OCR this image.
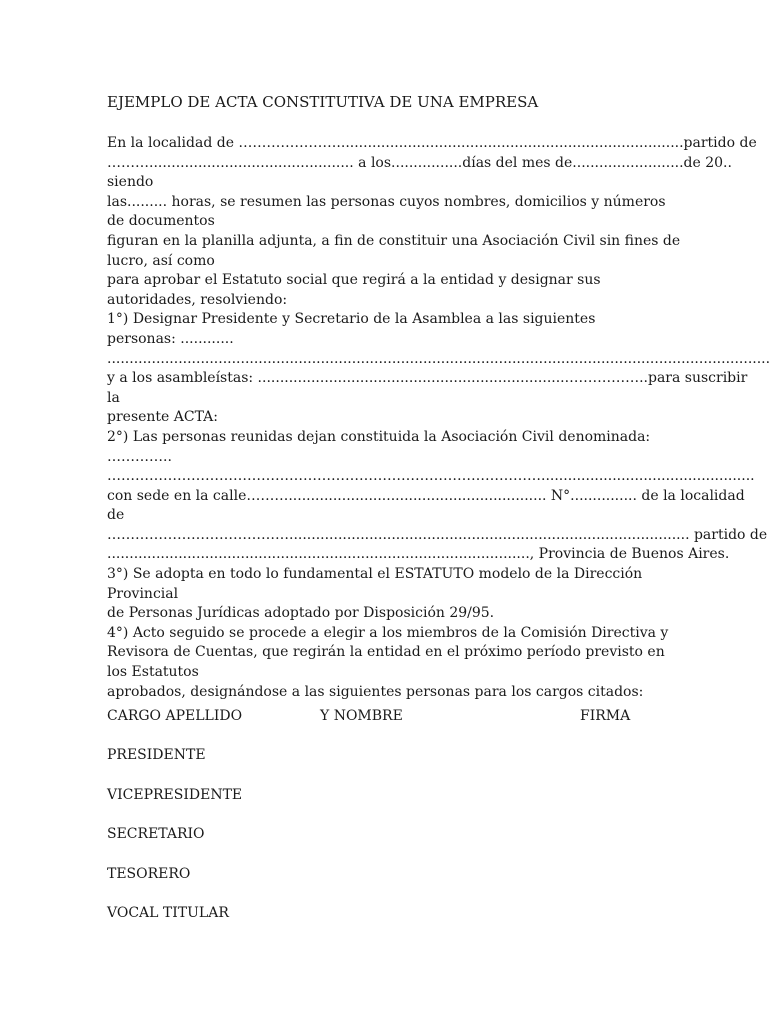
EJEMPLO DE ACTA CONSTITUTIVA DE UNA EMPRESA
En la localidad de …………………..............................................................................partido de
……….............................................. a los................días del mes de.........................de 20..
siendo
las......... horas, se resumen las personas cuyos nombres, domicilios y números
de documentos
figuran en la planilla adjunta, a fin de constituir una Asociación Civil sin fines de
lucro, así como
para aprobar el Estatuto social que regirá a la entidad y designar sus
autoridades, resolviendo:
1°) Designar Presidente y Secretario de la Asamblea a las siguientes
personas: ............
.....................................................................................................................................................
y a los asambleístas: ......................................................................……………..para suscribir
la
presente ACTA:
2°) Las personas reunidas dejan constituida la Asociación Civil denominada:
…………..
…………………………………………………………………………………................................................
con sede en la calle……….......................................................... N°............... de la localidad
de
………………………………….......................................................................................... partido de
..............................................................................................., Provincia de Buenos Aires.
3°) Se adopta en todo lo fundamental el ESTATUTO modelo de la Dirección
Provincial
de Personas Jurídicas adoptado por Disposición 29/95.
4°) Acto seguido se procede a elegir a los miembros de la Comisión Directiva y
Revisora de Cuentas, que regirán la entidad en el próximo período previsto en
los Estatutos
aprobados, designándose a las siguientes personas para los cargos citados:
CARGO APELLIDO	Y NOMBRE	FIRMA
PRESIDENTE
VICEPRESIDENTE
SECRETARIO
TESORERO
VOCAL TITULAR
